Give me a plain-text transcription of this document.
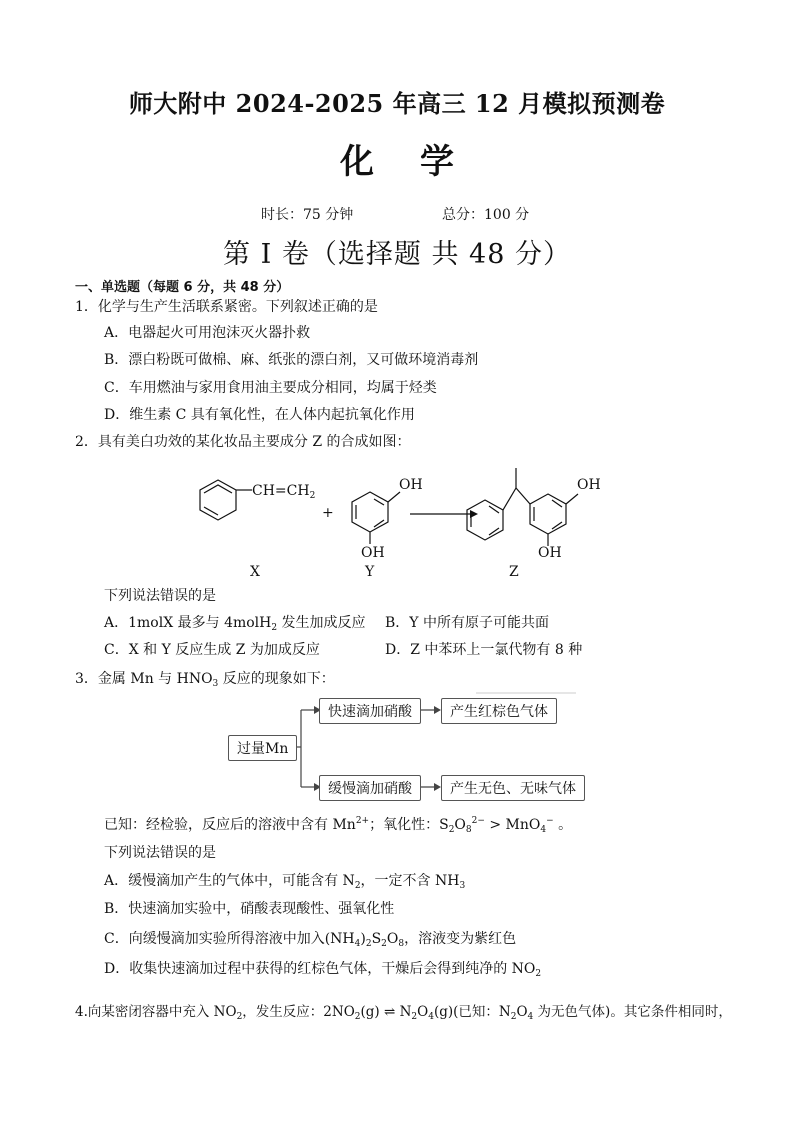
师大附中 2024-2025 年高三 12 月模拟预测卷
化学
时长：75 分钟	总分：100 分
第 I 卷（选择题 共 48 分）
一、单选题（每题 6 分，共 48 分）
1．化学与生产生活联系紧密。下列叙述正确的是
A．电器起火可用泡沫灭火器扑救
B．漂白粉既可做棉、麻、纸张的漂白剂，又可做环境消毒剂
C．车用燃油与家用食用油主要成分相同，均属于烃类
D．维生素 C 具有氧化性，在人体内起抗氧化作用
2．具有美白功效的某化妆品主要成分 Z 的合成如图：
$CH=CH_2$
+
OH
OH
OH
OH
X	Y	Z
下列说法错误的是
A．1molX 最多与 4molH$_2$ 发生加成反应 B．Y 中所有原子可能共面
C．X 和 Y 反应生成 Z 为加成反应	D．Z 中苯环上一氯代物有 8 种
3．金属 Mn 与 $HNO_3$ 反应的现象如下：
过量Mn
快速滴加硝酸	产生红棕色气体
缓慢滴加硝酸	产生无色、无味气体
已知：经检验，反应后的溶液中含有 $Mn^{2+}$；氧化性：$S_2O_8^{2-} > MnO_4^-$ 。
下列说法错误的是
A．缓慢滴加产生的气体中，可能含有 $N_2$，一定不含 $NH_3$
B．快速滴加实验中，硝酸表现酸性、强氧化性
C．向缓慢滴加实验所得溶液中加入$(NH_4)_2S_2O_8$，溶液变为紫红色
D．收集快速滴加过程中获得的红棕色气体，干燥后会得到纯净的 $NO_2$
4.向某密闭容器中充入 $NO_2$，发生反应：$2NO_2(g)$ ⇌ $N_2O_4(g)$(已知：$N_2O_4$ 为无色气体)。其它条件相同时，
